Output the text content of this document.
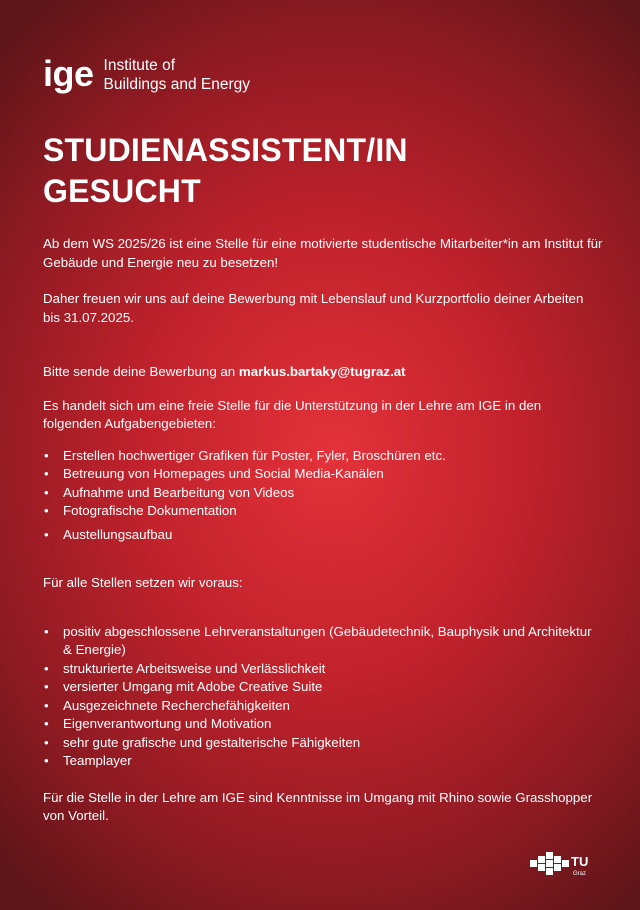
ige Institute of
Buildings and Energy
STUDIENASSISTENT/IN
GESUCHT

Ab dem WS 2025/26 ist eine Stelle für eine motivierte studentische Mitarbeiter*in am Institut für Gebäude und Energie neu zu besetzen!

Daher freuen wir uns auf deine Bewerbung mit Lebenslauf und Kurzportfolio deiner Arbeiten bis 31.07.2025.

Bitte sende deine Bewerbung an markus.bartaky@tugraz.at

Es handelt sich um eine freie Stelle für die Unterstützung in der Lehre am IGE in den folgenden Aufgabengebieten:

• Erstellen hochwertiger Grafiken für Poster, Fyler, Broschüren etc.
• Betreuung von Homepages und Social Media-Kanälen
• Aufnahme und Bearbeitung von Videos
• Fotografische Dokumentation
• Austellungsaufbau

Für alle Stellen setzen wir voraus:

• positiv abgeschlossene Lehrveranstaltungen (Gebäudetechnik, Bauphysik und Architektur & Energie)
• strukturierte Arbeitsweise und Verlässlichkeit
• versierter Umgang mit Adobe Creative Suite
• Ausgezeichnete Recherchefähigkeiten
• Eigenverantwortung und Motivation
• sehr gute grafische und gestalterische Fähigkeiten
• Teamplayer

Für die Stelle in der Lehre am IGE sind Kenntnisse im Umgang mit Rhino sowie Grasshopper von Vorteil.

TU
Graz
